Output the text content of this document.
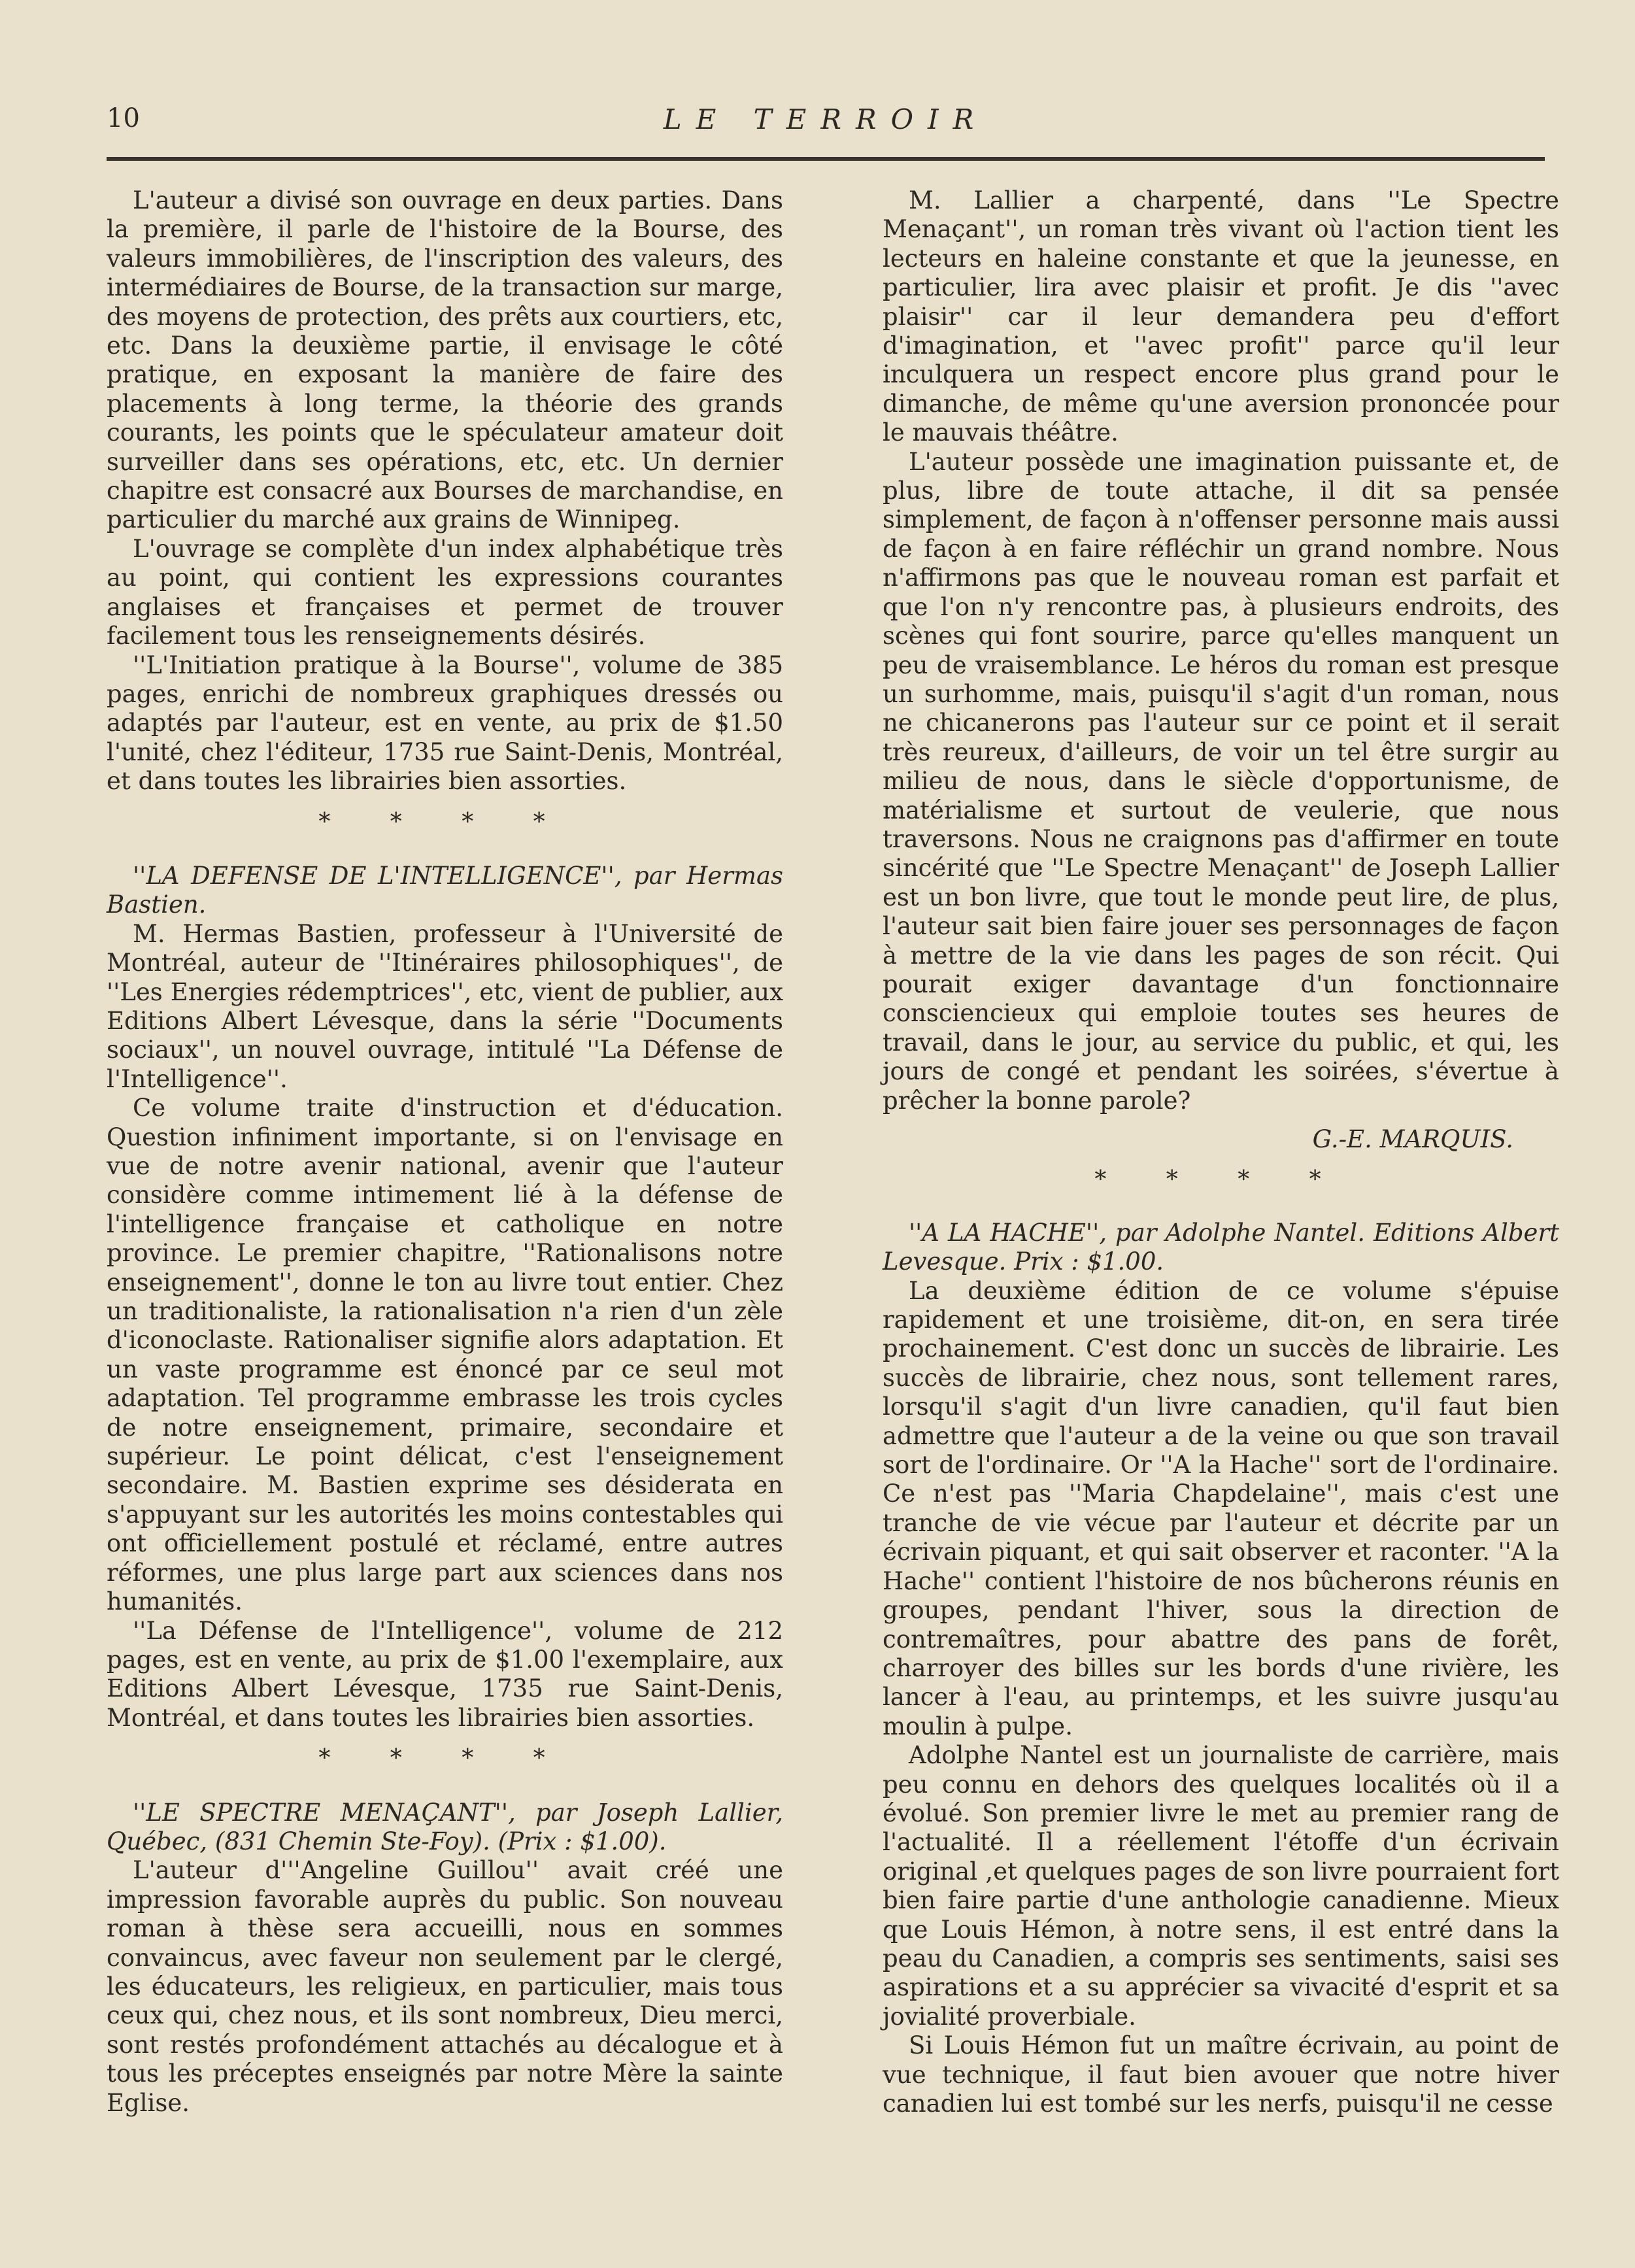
10	LE TERROIR

L'auteur a divisé son ouvrage en deux parties. Dans la première, il parle de l'histoire de la Bourse, des valeurs immobilières, de l'inscription des valeurs, des intermédiaires de Bourse, de la transaction sur marge, des moyens de protection, des prêts aux courtiers, etc, etc. Dans la deuxième partie, il envisage le côté pratique, en exposant la manière de faire des placements à long terme, la théorie des grands courants, les points que le spéculateur amateur doit surveiller dans ses opérations, etc, etc. Un dernier chapitre est consacré aux Bourses de marchandise, en particulier du marché aux grains de Winnipeg.

L'ouvrage se complète d'un index alphabétique très au point, qui contient les expressions courantes anglaises et françaises et permet de trouver facilement tous les renseignements désirés.

''L'Initiation pratique à la Bourse'', volume de 385 pages, enrichi de nombreux graphiques dressés ou adaptés par l'auteur, est en vente, au prix de $1.50 l'unité, chez l'éditeur, 1735 rue Saint-Denis, Montréal, et dans toutes les librairies bien assorties.

* * * *

''LA DEFENSE DE L'INTELLIGENCE'', par Hermas Bastien.

M. Hermas Bastien, professeur à l'Université de Montréal, auteur de ''Itinéraires philosophiques'', de ''Les Energies rédemptrices'', etc, vient de publier, aux Editions Albert Lévesque, dans la série ''Documents sociaux'', un nouvel ouvrage, intitulé ''La Défense de l'Intelligence''.

Ce volume traite d'instruction et d'éducation. Question infiniment importante, si on l'envisage en vue de notre avenir national, avenir que l'auteur considère comme intimement lié à la défense de l'intelligence française et catholique en notre province. Le premier chapitre, ''Rationalisons notre enseignement'', donne le ton au livre tout entier. Chez un traditionaliste, la rationalisation n'a rien d'un zèle d'iconoclaste. Rationaliser signifie alors adaptation. Et un vaste programme est énoncé par ce seul mot adaptation. Tel programme embrasse les trois cycles de notre enseignement, primaire, secondaire et supérieur. Le point délicat, c'est l'enseignement secondaire. M. Bastien exprime ses désiderata en s'appuyant sur les autorités les moins contestables qui ont officiellement postulé et réclamé, entre autres réformes, une plus large part aux sciences dans nos humanités.

''La Défense de l'Intelligence'', volume de 212 pages, est en vente, au prix de $1.00 l'exemplaire, aux Editions Albert Lévesque, 1735 rue Saint-Denis, Montréal, et dans toutes les librairies bien assorties.

* * * *

''LE SPECTRE MENAÇANT'', par Joseph Lallier, Québec, (831 Chemin Ste-Foy). (Prix : $1.00).

L'auteur d'''Angeline Guillou'' avait créé une impression favorable auprès du public. Son nouveau roman à thèse sera accueilli, nous en sommes convaincus, avec faveur non seulement par le clergé, les éducateurs, les religieux, en particulier, mais tous ceux qui, chez nous, et ils sont nombreux, Dieu merci, sont restés profondément attachés au décalogue et à tous les préceptes enseignés par notre Mère la sainte Eglise.

M. Lallier a charpenté, dans ''Le Spectre Menaçant'', un roman très vivant où l'action tient les lecteurs en haleine constante et que la jeunesse, en particulier, lira avec plaisir et profit. Je dis ''avec plaisir'' car il leur demandera peu d'effort d'imagination, et ''avec profit'' parce qu'il leur inculquera un respect encore plus grand pour le dimanche, de même qu'une aversion prononcée pour le mauvais théâtre.

L'auteur possède une imagination puissante et, de plus, libre de toute attache, il dit sa pensée simplement, de façon à n'offenser personne mais aussi de façon à en faire réfléchir un grand nombre. Nous n'affirmons pas que le nouveau roman est parfait et que l'on n'y rencontre pas, à plusieurs endroits, des scènes qui font sourire, parce qu'elles manquent un peu de vraisemblance. Le héros du roman est presque un surhomme, mais, puisqu'il s'agit d'un roman, nous ne chicanerons pas l'auteur sur ce point et il serait très reureux, d'ailleurs, de voir un tel être surgir au milieu de nous, dans le siècle d'opportunisme, de matérialisme et surtout de veulerie, que nous traversons. Nous ne craignons pas d'affirmer en toute sincérité que ''Le Spectre Menaçant'' de Joseph Lallier est un bon livre, que tout le monde peut lire, de plus, l'auteur sait bien faire jouer ses personnages de façon à mettre de la vie dans les pages de son récit. Qui pourait exiger davantage d'un fonctionnaire consciencieux qui emploie toutes ses heures de travail, dans le jour, au service du public, et qui, les jours de congé et pendant les soirées, s'évertue à prêcher la bonne parole?

G.-E. MARQUIS.

* * * *

''A LA HACHE'', par Adolphe Nantel. Editions Albert Levesque. Prix : $1.00.

La deuxième édition de ce volume s'épuise rapidement et une troisième, dit-on, en sera tirée prochainement. C'est donc un succès de librairie. Les succès de librairie, chez nous, sont tellement rares, lorsqu'il s'agit d'un livre canadien, qu'il faut bien admettre que l'auteur a de la veine ou que son travail sort de l'ordinaire. Or ''A la Hache'' sort de l'ordinaire. Ce n'est pas ''Maria Chapdelaine'', mais c'est une tranche de vie vécue par l'auteur et décrite par un écrivain piquant, et qui sait observer et raconter. ''A la Hache'' contient l'histoire de nos bûcherons réunis en groupes, pendant l'hiver, sous la direction de contremaîtres, pour abattre des pans de forêt, charroyer des billes sur les bords d'une rivière, les lancer à l'eau, au printemps, et les suivre jusqu'au moulin à pulpe.

Adolphe Nantel est un journaliste de carrière, mais peu connu en dehors des quelques localités où il a évolué. Son premier livre le met au premier rang de l'actualité. Il a réellement l'étoffe d'un écrivain original ,et quelques pages de son livre pourraient fort bien faire partie d'une anthologie canadienne. Mieux que Louis Hémon, à notre sens, il est entré dans la peau du Canadien, a compris ses sentiments, saisi ses aspirations et a su apprécier sa vivacité d'esprit et sa jovialité proverbiale.

Si Louis Hémon fut un maître écrivain, au point de vue technique, il faut bien avouer que notre hiver canadien lui est tombé sur les nerfs, puisqu'il ne cesse
